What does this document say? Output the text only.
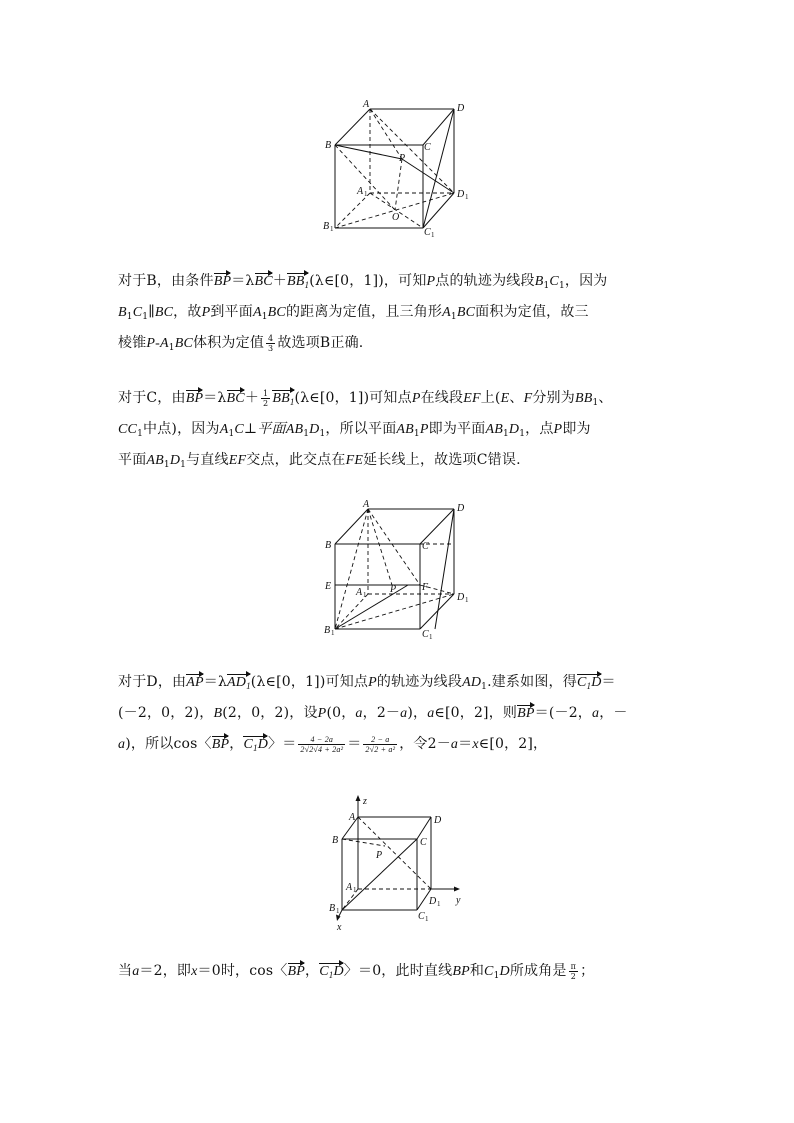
A	D
B	C
P
A 1	D 1
O
B 1	C 1
对于B，由条件$BP=\lambda BC+BB_1(\lambda\in[0$，1])，可知P点的轨迹为线段$B_1C_1$，因为
$B_1C_1\parallel BC$，故P到平面$A_1BC$的距离为定值，且三角形$A_1BC$面积为定值，故三
棱锥$P-A_1BC$体积为定值 $\frac{4}{3}$ 故选项B正确.
对于C，由$BP=\lambda BC+ \frac{1}{2}$ $BB_1(\lambda\in[0$，1])可知点P在线段EF上(E、F分别为$BB_1$、
$CC_1$中点)，因为$A_1C\perp$平面$AB_1D_1$，所以平面$AB_1P$即为平面$AB_1D_1$，点P即为
平面$AB_1D_1$与直线EF交点，此交点在FE延长线上，故选项C错误.
A	D
B	C
E	F
P
A 1	D 1
B 1	C 1
对于D，由AP＝λAD$_1$(λ∈[0，1])可知点P的轨迹为线段$AD_1$.建系如图，得$C_1D=$
(－2，0，2)，B(2，0，2)，设P(0，a，2－a)，a∈[0，2]，则BP＝(－2，a，－
a)，所以cos〈BP，$C_1D$〉＝ $\frac{4 - 2a}{\text{2√2√4 + 2a²}} = \frac{2 - a}{\text{2√2 + a²}}$ ，令2－a＝x∈[0，2]，
z
A	D
B	C
P
A 1
y
D 1
B 1	C 1
x
当a＝2，即x＝0时，cos〈BP，$C_1D$〉＝0，此时直线BP和$C_1D$所成角是 $\frac{\pi}{2}$ ；
